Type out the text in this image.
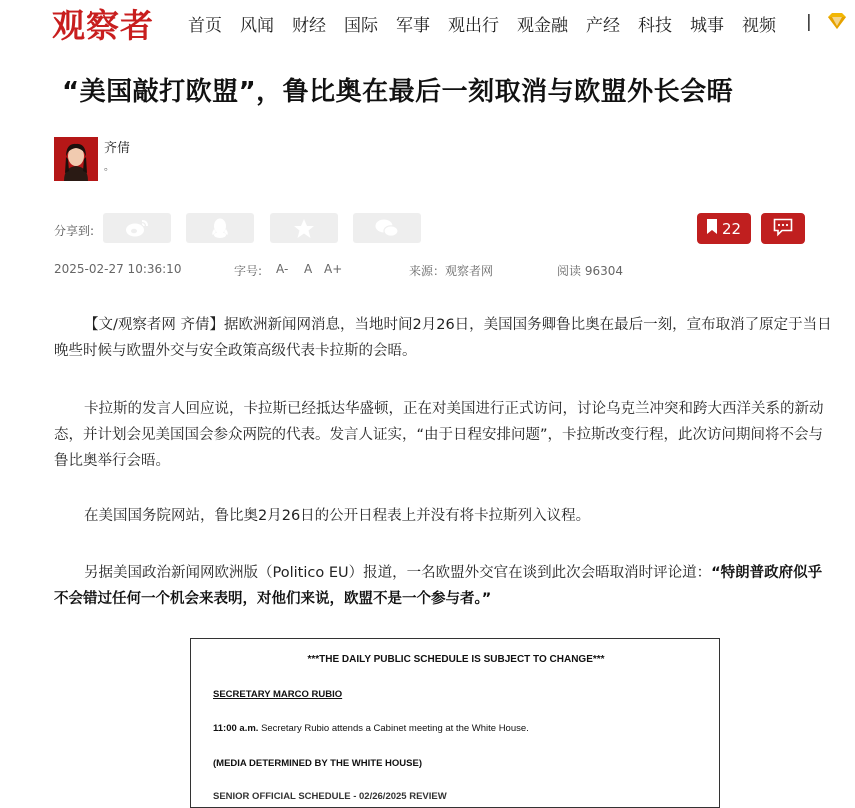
观察者 首页 风闻 财经 国际 军事 观出行 观金融 产经 科技 城事 视频 |
“美国敲打欧盟”，鲁比奥在最后一刻取消与欧盟外长会晤
齐倩
。
分享到:	22
2025-02-27 10:36:10	字号: A- A A+	来源：观察者网	阅读 96304

【文/观察者网 齐倩】据欧洲新闻网消息，当地时间2月26日，美国国务卿鲁比奥在最后一刻，宣布取消了原定于当日晚些时候与欧盟外交与安全政策高级代表卡拉斯的会晤。

卡拉斯的发言人回应说，卡拉斯已经抵达华盛顿，正在对美国进行正式访问，讨论乌克兰冲突和跨大西洋关系的新动态，并计划会见美国国会参众两院的代表。发言人证实，“由于日程安排问题”，卡拉斯改变行程，此次访问期间将不会与鲁比奥举行会晤。

在美国国务院网站，鲁比奥2月26日的公开日程表上并没有将卡拉斯列入议程。

另据美国政治新闻网欧洲版（Politico EU）报道，一名欧盟外交官在谈到此次会晤取消时评论道：“特朗普政府似乎不会错过任何一个机会来表明，对他们来说，欧盟不是一个参与者。”

***THE DAILY PUBLIC SCHEDULE IS SUBJECT TO CHANGE***
SECRETARY MARCO RUBIO
11:00 a.m. Secretary Rubio attends a Cabinet meeting at the White House.
(MEDIA DETERMINED BY THE WHITE HOUSE)
SENIOR OFFICIAL SCHEDULE - 02/26/2025 REVIEW
